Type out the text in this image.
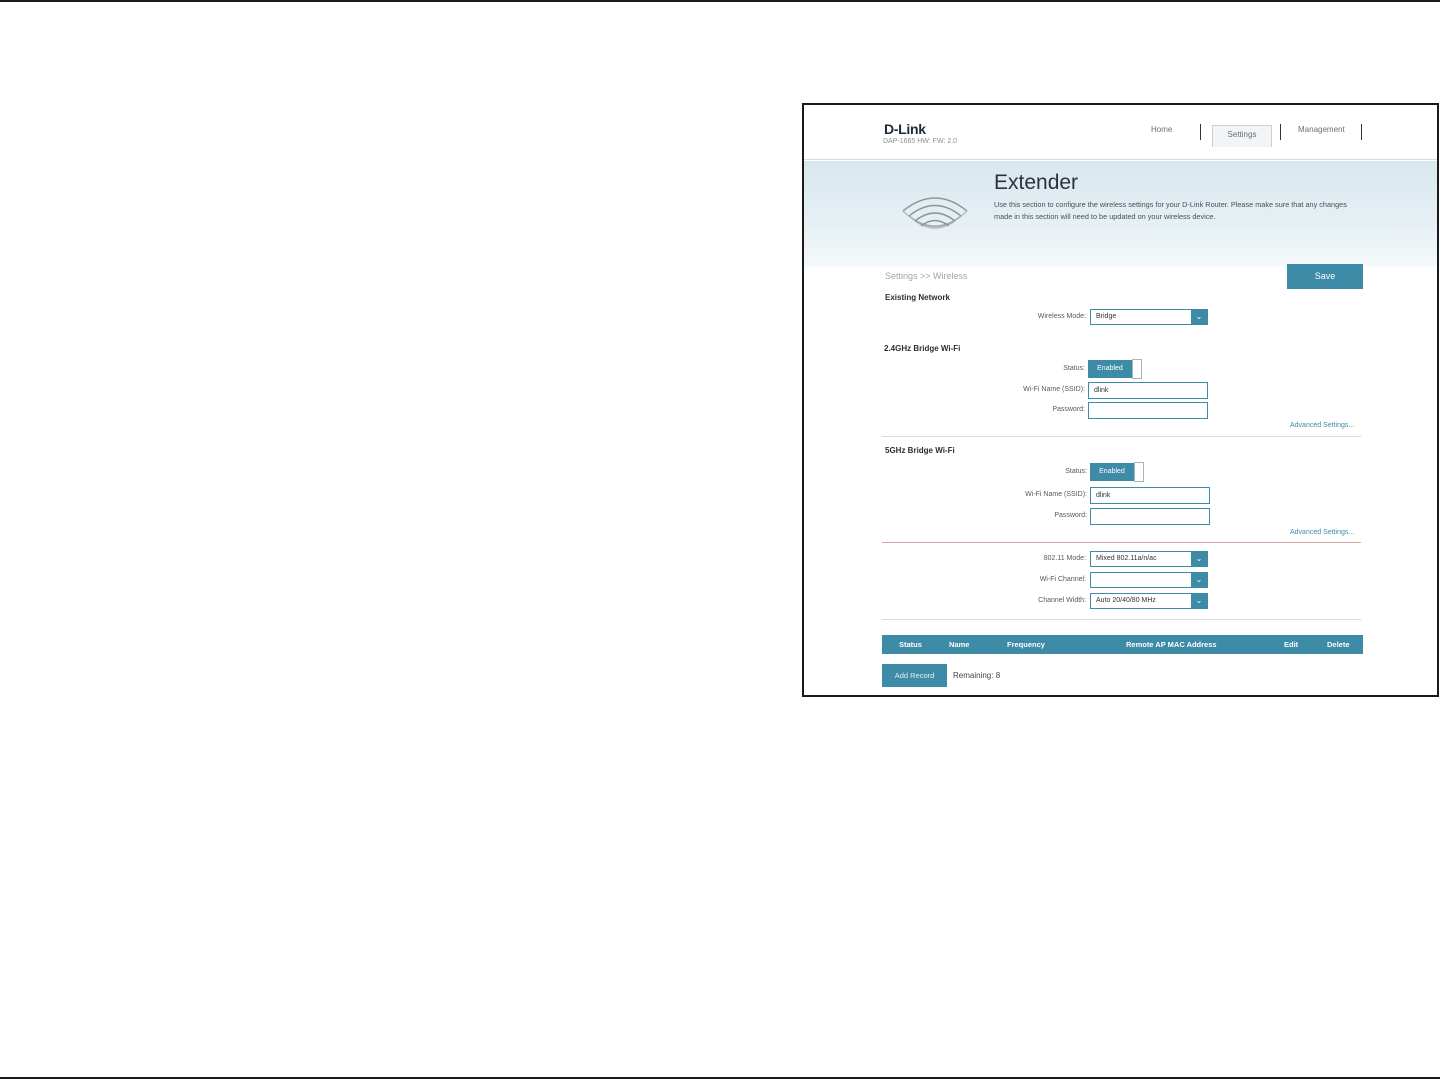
D-Link
DAP-1665 HW: FW: 2.0
Home
Settings
Management
Extender
Use this section to configure the wireless settings for your D-Link Router. Please make sure that any changes made in this section will need to be updated on your wireless device.
Settings >> Wireless	Save
Existing Network
Wireless Mode:	Bridge	⌄
2.4GHz Bridge Wi-Fi
Status:	Enabled
Wi-Fi Name (SSID):	dlink
Password:
Advanced Settings...
5GHz Bridge Wi-Fi
Status:	Enabled
Wi-Fi Name (SSID):	dlink
Password:
Advanced Settings...
802.11 Mode:	Mixed 802.11a/n/ac	⌄
Wi-Fi Channel:	⌄
Channel Width:	Auto 20/40/80 MHz	⌄
Status	Name	Frequency	Remote AP MAC Address	Edit	Delete
Add Record	Remaining: 8
